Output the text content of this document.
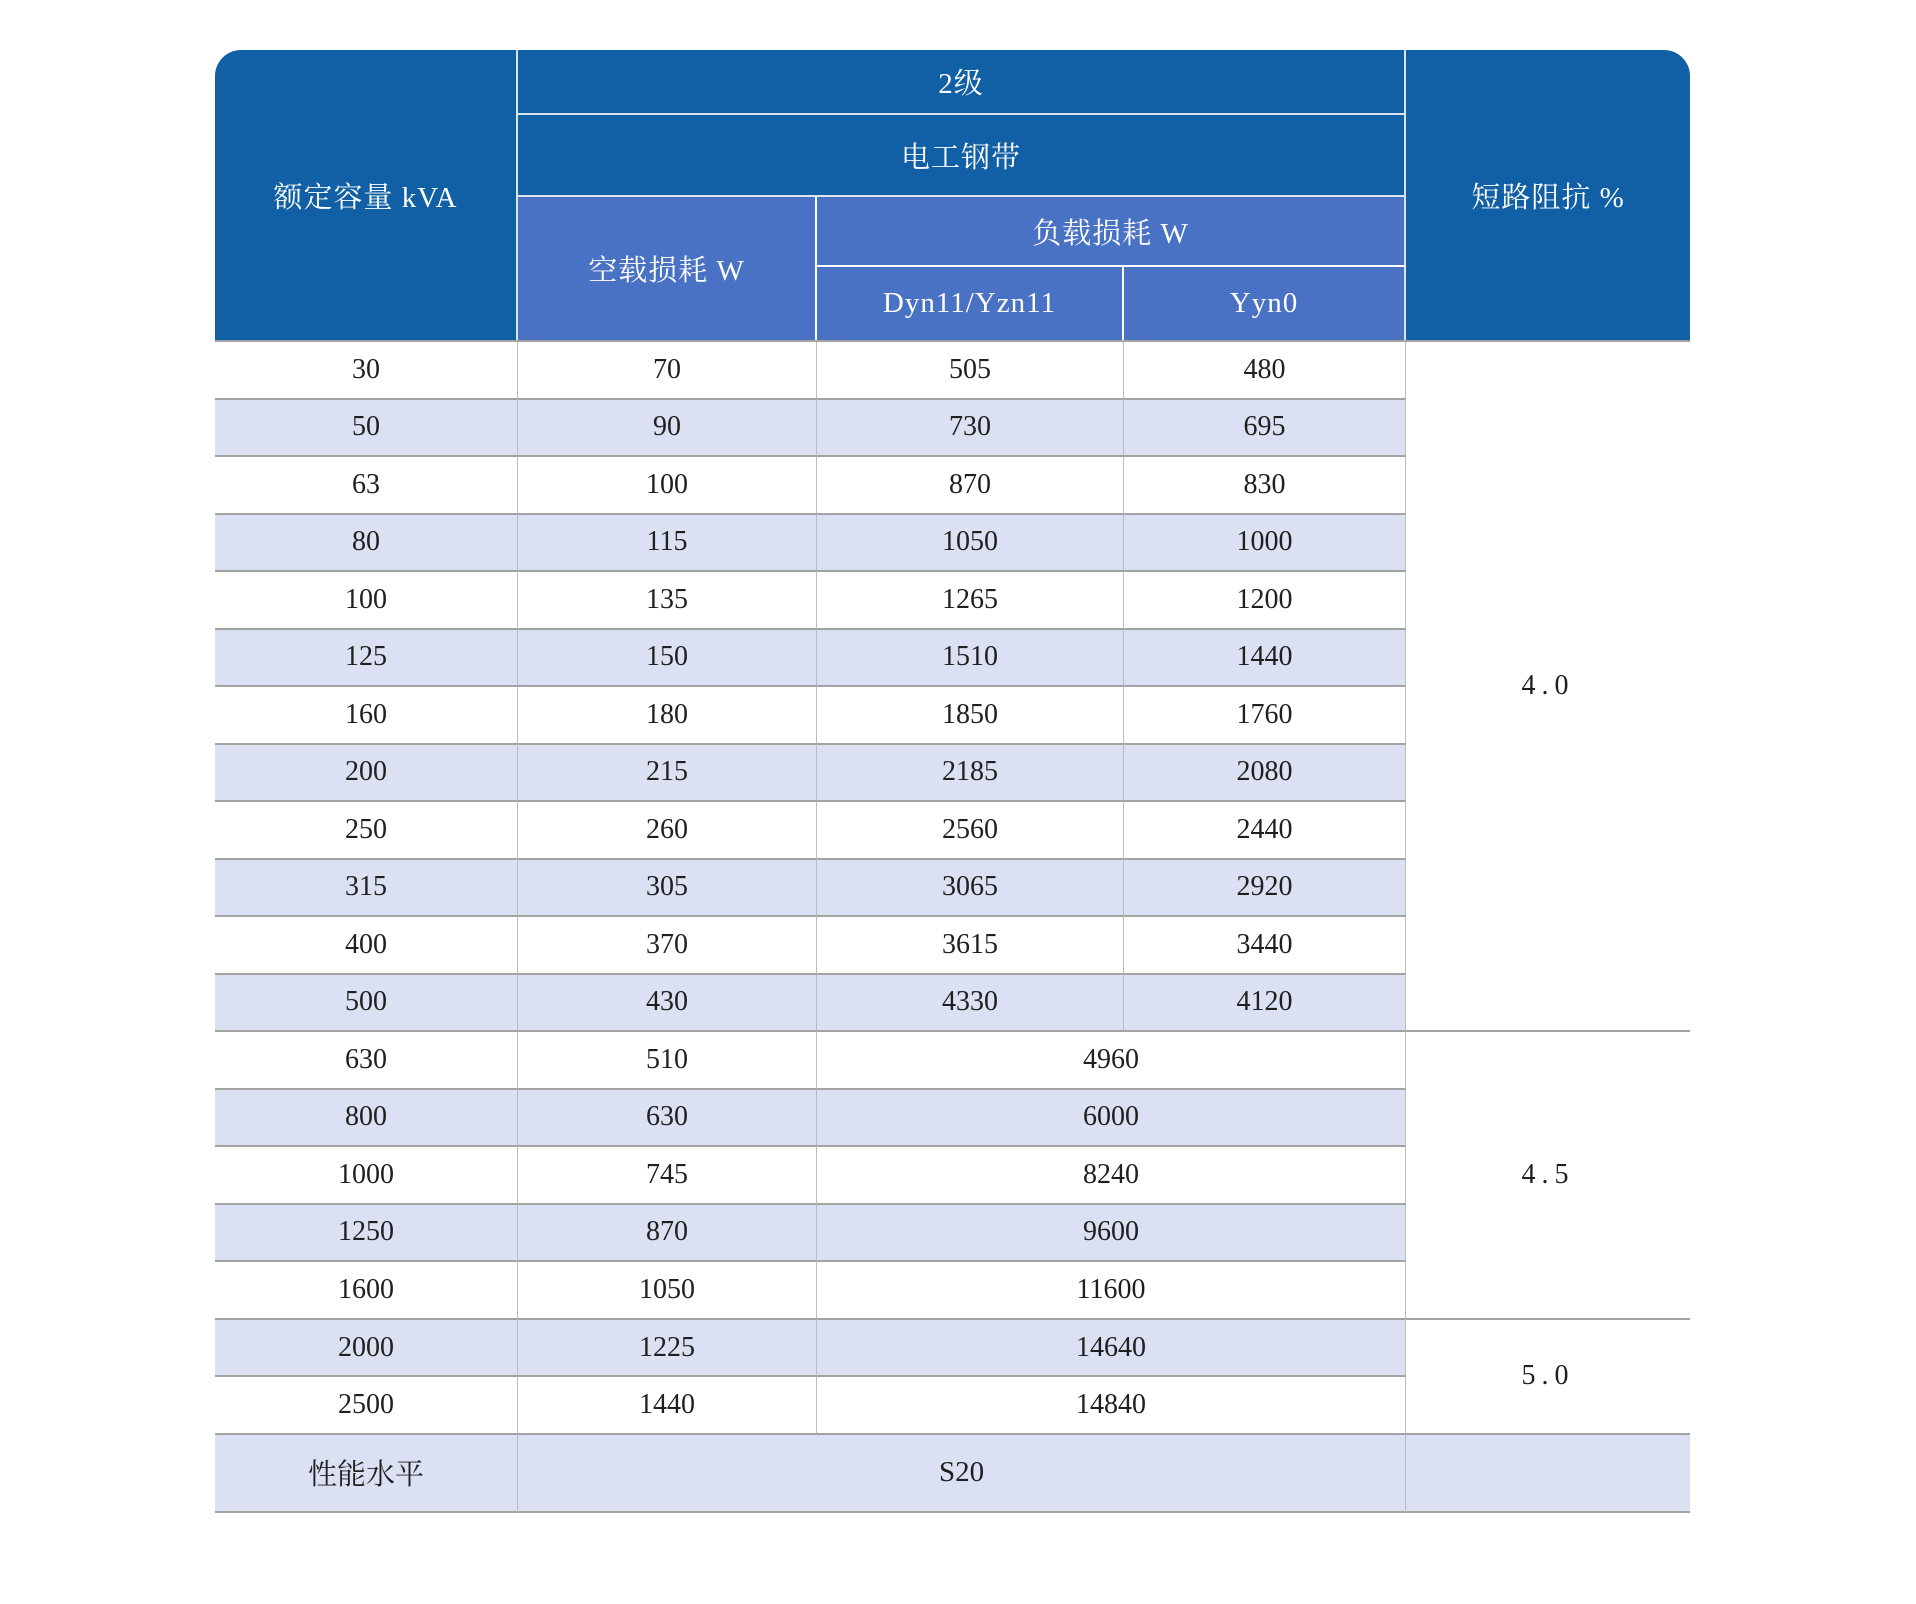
额定容量 kVA	2级			短路阻抗 %
	电工钢带			
	空载损耗 W	负载损耗 W		
		Dyn11/Yzn11	Yyn0	
30	70	505	480	4.0
50	90	730	695	
63	100	870	830	
80	115	1050	1000	
100	135	1265	1200	
125	150	1510	1440	
160	180	1850	1760	
200	215	2185	2080	
250	260	2560	2440	
315	305	3065	2920	
400	370	3615	3440	
500	430	4330	4120	
630	510	4960		4.5
800	630	6000		
1000	745	8240		
1250	870	9600		
1600	1050	11600		
2000	1225	14640		5.0
2500	1440	14840		
性能水平	S20			
